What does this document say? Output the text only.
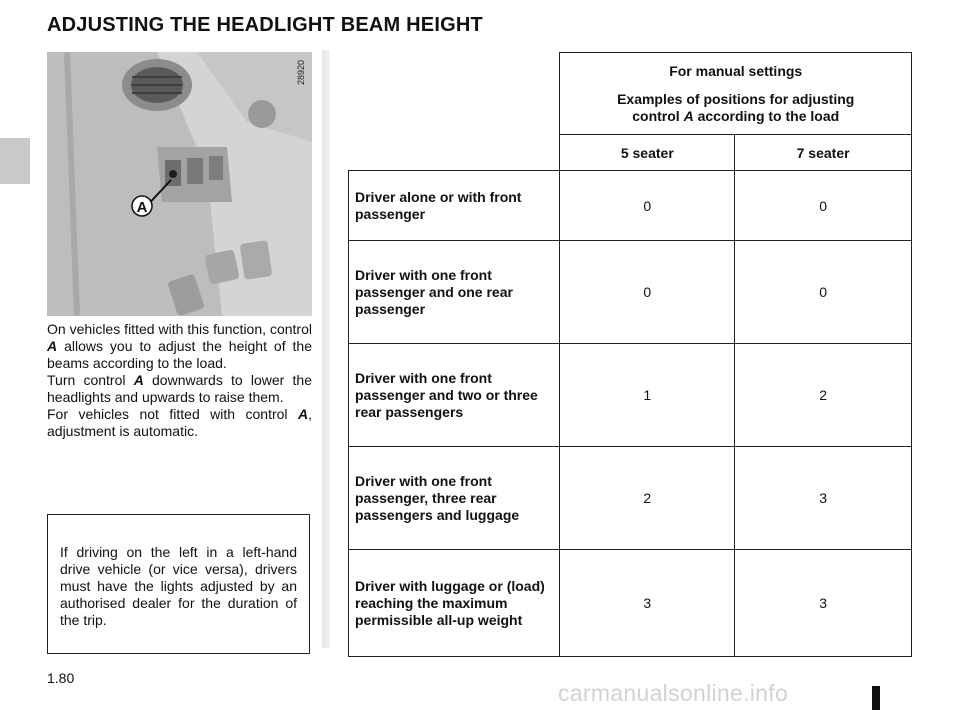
ADJUSTING THE HEADLIGHT BEAM HEIGHT
A
28920

On vehicles fitted with this function, control A allows you to adjust the height of the beams according to the load.

Turn control A downwards to lower the headlights and upwards to raise them.

For vehicles not fitted with control A, adjustment is automatic.

If driving on the left in a left-hand drive vehicle (or vice versa), drivers must have the lights adjusted by an authorised dealer for the duration of the trip.

	For manual settings
Examples of positions for adjusting control A according to the load	

	5 seater	7 seater
Driver alone or with front passenger	0	0
Driver with one front passenger and one rear passenger	0	0
Driver with one front passenger and two or three rear passengers	1	2
Driver with one front passenger, three rear passengers and luggage	2	3
Driver with luggage or (load) reaching the maximum permissible all-up weight	3	3
1.80
carmanualsonline.info
